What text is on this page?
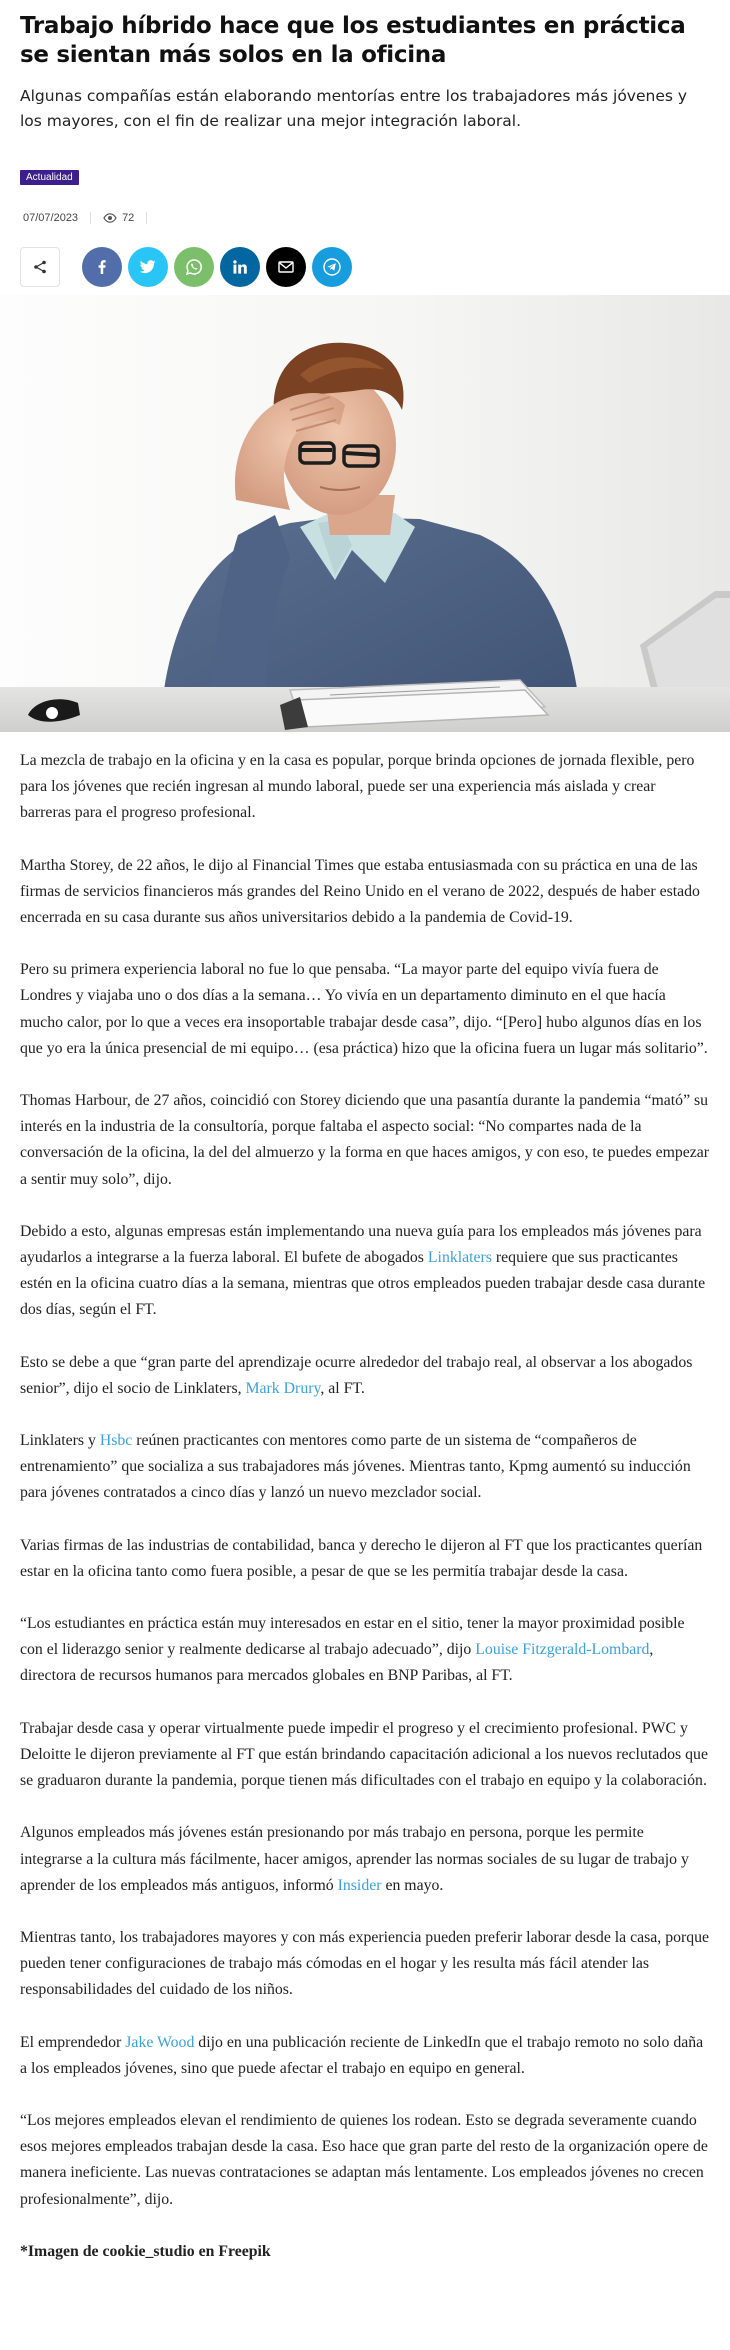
Trabajo híbrido hace que los estudiantes en práctica se sientan más solos en la oficina

Algunas compañías están elaborando mentorías entre los trabajadores más jóvenes y los mayores, con el fin de realizar una mejor integración laboral.

Actualidad
07/07/2023	72

La mezcla de trabajo en la oficina y en la casa es popular, porque brinda opciones de jornada flexible, pero para los jóvenes que recién ingresan al mundo laboral, puede ser una experiencia más aislada y crear barreras para el progreso profesional.

Martha Storey, de 22 años, le dijo al Financial Times que estaba entusiasmada con su práctica en una de las firmas de servicios financieros más grandes del Reino Unido en el verano de 2022, después de haber estado encerrada en su casa durante sus años universitarios debido a la pandemia de Covid-19.

Pero su primera experiencia laboral no fue lo que pensaba. “La mayor parte del equipo vivía fuera de Londres y viajaba uno o dos días a la semana… Yo vivía en un departamento diminuto en el que hacía mucho calor, por lo que a veces era insoportable trabajar desde casa”, dijo. “[Pero] hubo algunos días en los que yo era la única presencial de mi equipo… (esa práctica) hizo que la oficina fuera un lugar más solitario”.

Thomas Harbour, de 27 años, coincidió con Storey diciendo que una pasantía durante la pandemia “mató” su interés en la industria de la consultoría, porque faltaba el aspecto social: “No compartes nada de la conversación de la oficina, la del del almuerzo y la forma en que haces amigos, y con eso, te puedes empezar a sentir muy solo”, dijo.

Debido a esto, algunas empresas están implementando una nueva guía para los empleados más jóvenes para ayudarlos a integrarse a la fuerza laboral. El bufete de abogados Linklaters requiere que sus practicantes estén en la oficina cuatro días a la semana, mientras que otros empleados pueden trabajar desde casa durante dos días, según el FT.

Esto se debe a que “gran parte del aprendizaje ocurre alrededor del trabajo real, al observar a los abogados senior”, dijo el socio de Linklaters, Mark Drury, al FT.

Linklaters y Hsbc reúnen practicantes con mentores como parte de un sistema de “compañeros de entrenamiento” que socializa a sus trabajadores más jóvenes. Mientras tanto, Kpmg aumentó su inducción para jóvenes contratados a cinco días y lanzó un nuevo mezclador social.

Varias firmas de las industrias de contabilidad, banca y derecho le dijeron al FT que los practicantes querían estar en la oficina tanto como fuera posible, a pesar de que se les permitía trabajar desde la casa.

“Los estudiantes en práctica están muy interesados en estar en el sitio, tener la mayor proximidad posible con el liderazgo senior y realmente dedicarse al trabajo adecuado”, dijo Louise Fitzgerald-Lombard, directora de recursos humanos para mercados globales en BNP Paribas, al FT.

Trabajar desde casa y operar virtualmente puede impedir el progreso y el crecimiento profesional. PWC y Deloitte le dijeron previamente al FT que están brindando capacitación adicional a los nuevos reclutados que se graduaron durante la pandemia, porque tienen más dificultades con el trabajo en equipo y la colaboración.

Algunos empleados más jóvenes están presionando por más trabajo en persona, porque les permite integrarse a la cultura más fácilmente, hacer amigos, aprender las normas sociales de su lugar de trabajo y aprender de los empleados más antiguos, informó Insider en mayo.

Mientras tanto, los trabajadores mayores y con más experiencia pueden preferir laborar desde la casa, porque pueden tener configuraciones de trabajo más cómodas en el hogar y les resulta más fácil atender las responsabilidades del cuidado de los niños.

El emprendedor Jake Wood dijo en una publicación reciente de LinkedIn que el trabajo remoto no solo daña a los empleados jóvenes, sino que puede afectar el trabajo en equipo en general.

“Los mejores empleados elevan el rendimiento de quienes los rodean. Esto se degrada severamente cuando esos mejores empleados trabajan desde la casa. Eso hace que gran parte del resto de la organización opere de manera ineficiente. Las nuevas contrataciones se adaptan más lentamente. Los empleados jóvenes no crecen profesionalmente”, dijo.

*Imagen de cookie_studio en Freepik
